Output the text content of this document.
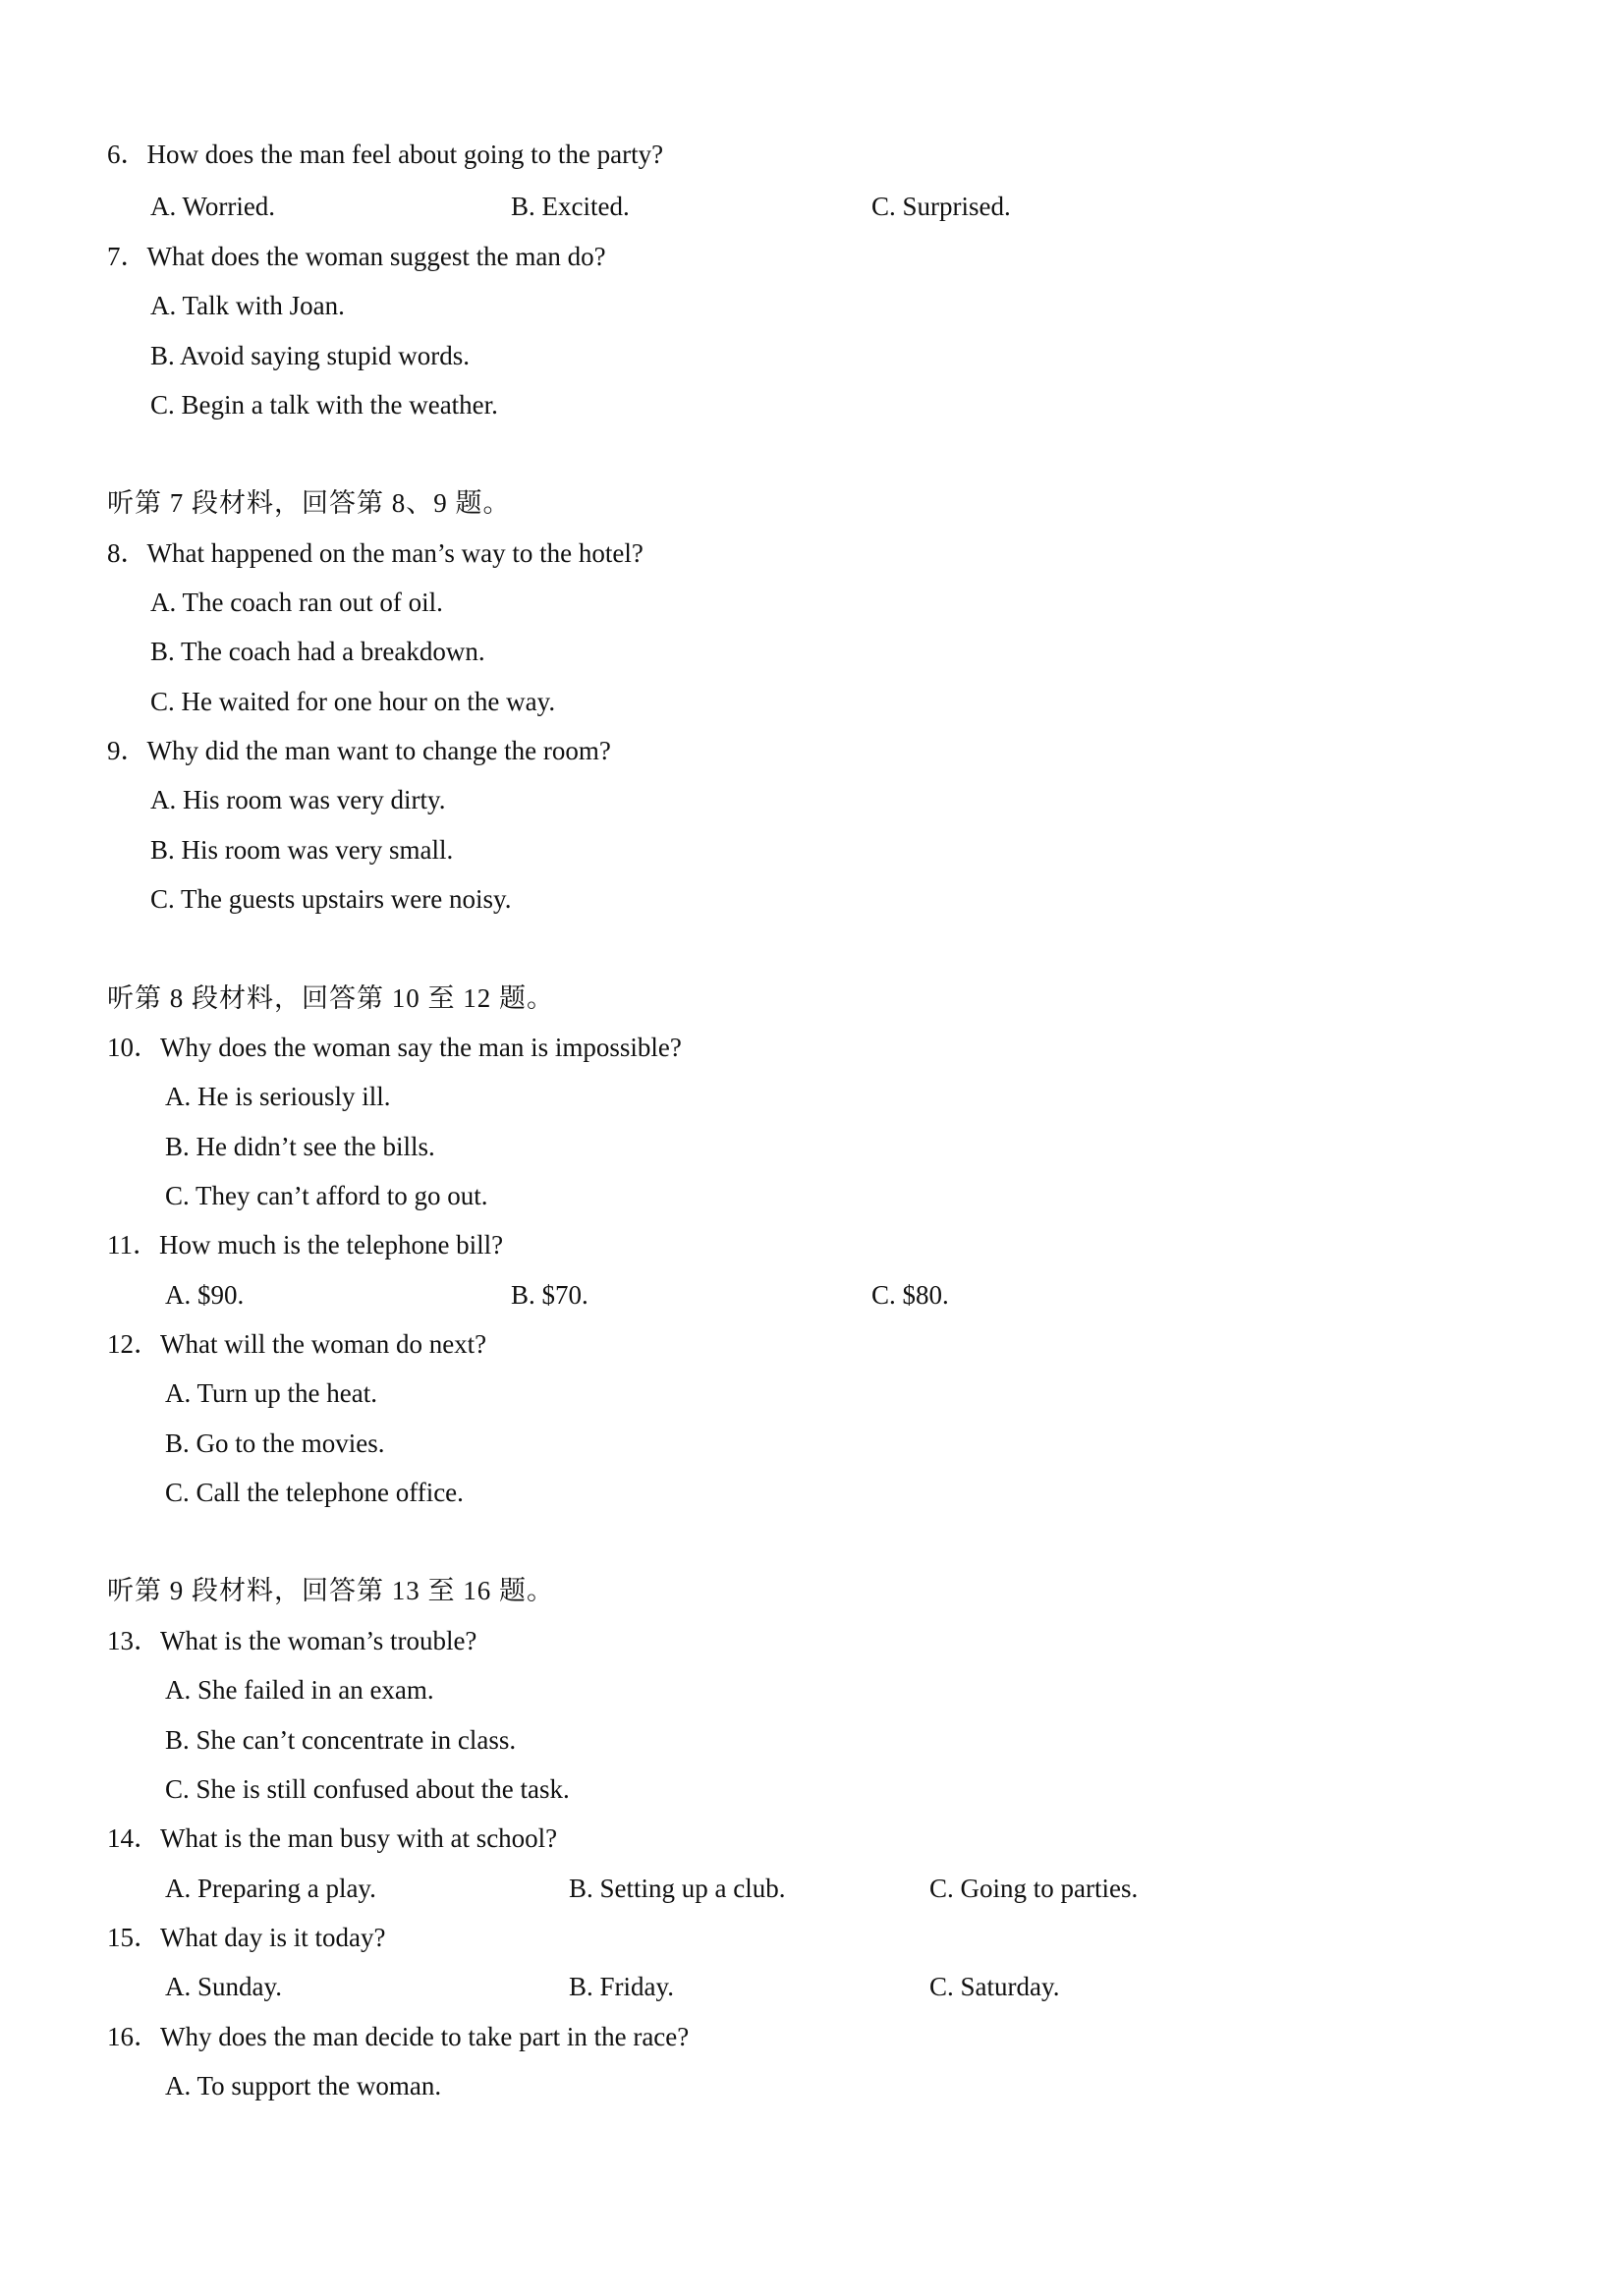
6．How does the man feel about going to the party?
A. Worried.	B. Excited.	C. Surprised.
7．What does the woman suggest the man do?
A. Talk with Joan.
B. Avoid saying stupid words.
C. Begin a talk with the weather.
听第 7 段材料，回答第 8、9 题。
8．What happened on the man’s way to the hotel?
A. The coach ran out of oil.
B. The coach had a breakdown.
C. He waited for one hour on the way.
9．Why did the man want to change the room?
A. His room was very dirty.
B. His room was very small.
C. The guests upstairs were noisy.
听第 8 段材料，回答第 10 至 12 题。
10．Why does the woman say the man is impossible?
A. He is seriously ill.
B. He didn’t see the bills.
C. They can’t afford to go out.
11．How much is the telephone bill?
A. $90.	B. $70.	C. $80.
12．What will the woman do next?
A. Turn up the heat.
B. Go to the movies.
C. Call the telephone office.
听第 9 段材料，回答第 13 至 16 题。
13．What is the woman’s trouble?
A. She failed in an exam.
B. She can’t concentrate in class.
C. She is still confused about the task.
14．What is the man busy with at school?
A. Preparing a play.	B. Setting up a club.	C. Going to parties.
15．What day is it today?
A. Sunday.	B. Friday.	C. Saturday.
16．Why does the man decide to take part in the race?
A. To support the woman.
